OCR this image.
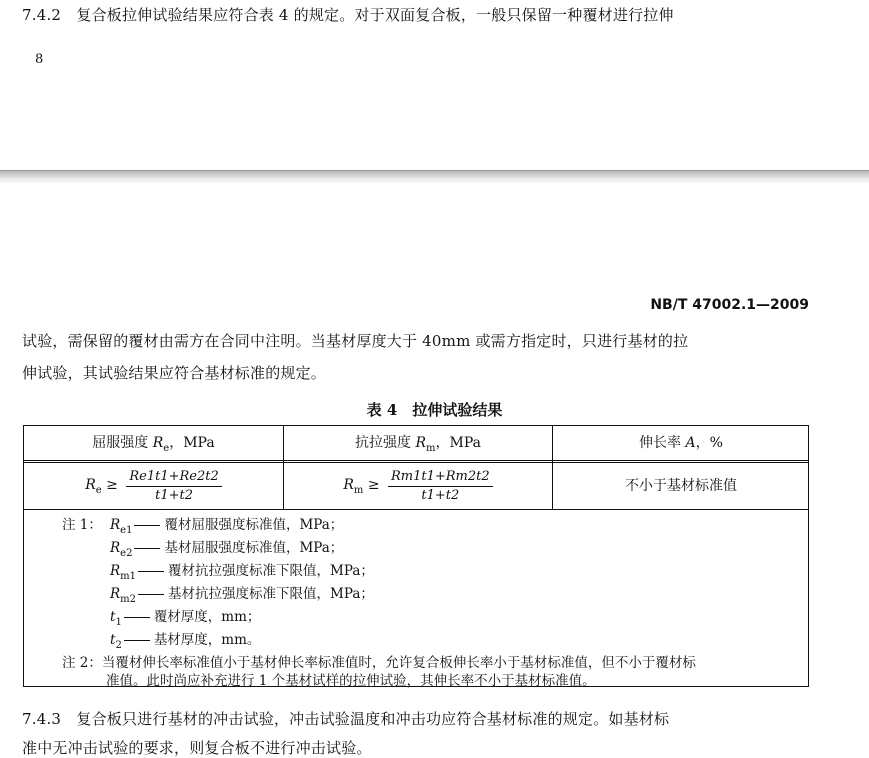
7.4.2　复合板拉伸试验结果应符合表 4 的规定。对于双面复合板，一般只保留一种覆材进行拉伸
8
NB/T 47002.1—2009
试验，需保留的覆材由需方在合同中注明。当基材厚度大于 40mm 或需方指定时，只进行基材的拉
伸试验，其试验结果应符合基材标准的规定。
表 4　拉伸试验结果
屈服强度 $R_e$，MPa	抗拉强度 $R_m$，MPa	伸长率 A，%
$R_e \ge \frac{Re1t1+Re2t2}{t1+t2}$	$R_m \ge \frac{Rm1t1+Rm2t2}{t1+t2}$	不小于基材标准值
注 1： $R_{e1}$ 覆材屈服强度标准值，MPa；
$R_{e2}$ 基材屈服强度标准值，MPa；
$R_{m1}$ 覆材抗拉强度标准下限值，MPa；
$R_{m2}$ 基材抗拉强度标准下限值，MPa；
$t_1$ 覆材厚度，mm；
$t_2$ 基材厚度，mm。
注 2：当覆材伸长率标准值小于基材伸长率标准值时，允许复合板伸长率小于基材标准值，但不小于覆材标
准值。此时尚应补充进行 1 个基材试样的拉伸试验，其伸长率不小于基材标准值。
7.4.3　复合板只进行基材的冲击试验，冲击试验温度和冲击功应符合基材标准的规定。如基材标
准中无冲击试验的要求，则复合板不进行冲击试验。
